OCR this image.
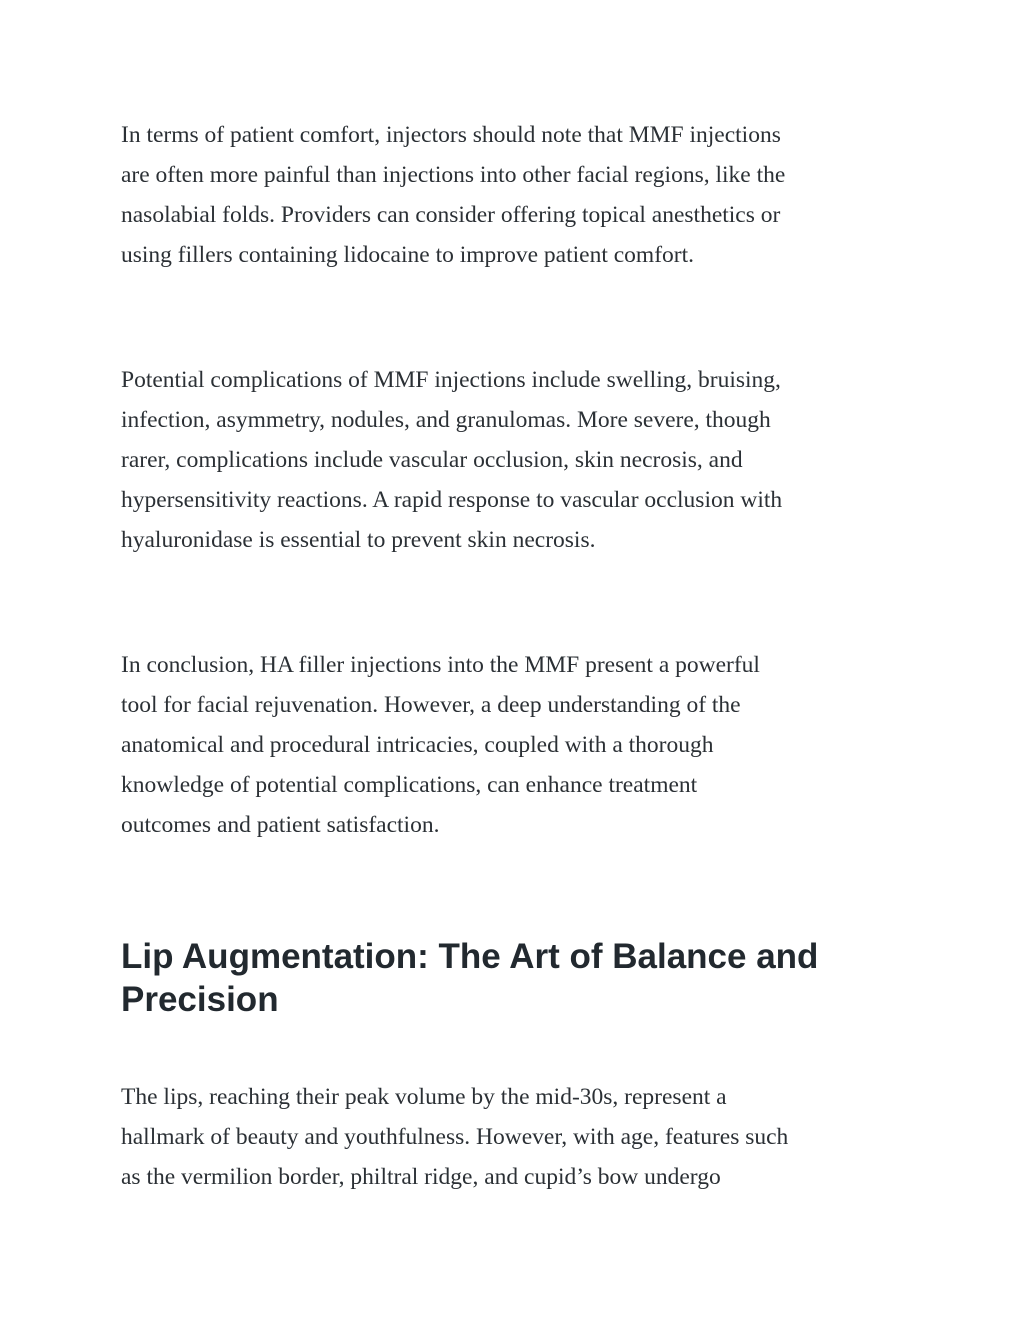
In terms of patient comfort, injectors should note that MMF injections
are often more painful than injections into other facial regions, like the
nasolabial folds. Providers can consider offering topical anesthetics or
using fillers containing lidocaine to improve patient comfort.

Potential complications of MMF injections include swelling, bruising,
infection, asymmetry, nodules, and granulomas. More severe, though
rarer, complications include vascular occlusion, skin necrosis, and
hypersensitivity reactions. A rapid response to vascular occlusion with
hyaluronidase is essential to prevent skin necrosis.

In conclusion, HA filler injections into the MMF present a powerful
tool for facial rejuvenation. However, a deep understanding of the
anatomical and procedural intricacies, coupled with a thorough
knowledge of potential complications, can enhance treatment
outcomes and patient satisfaction.

Lip Augmentation: The Art of Balance and
Precision

The lips, reaching their peak volume by the mid-30s, represent a
hallmark of beauty and youthfulness. However, with age, features such
as the vermilion border, philtral ridge, and cupid’s bow undergo
